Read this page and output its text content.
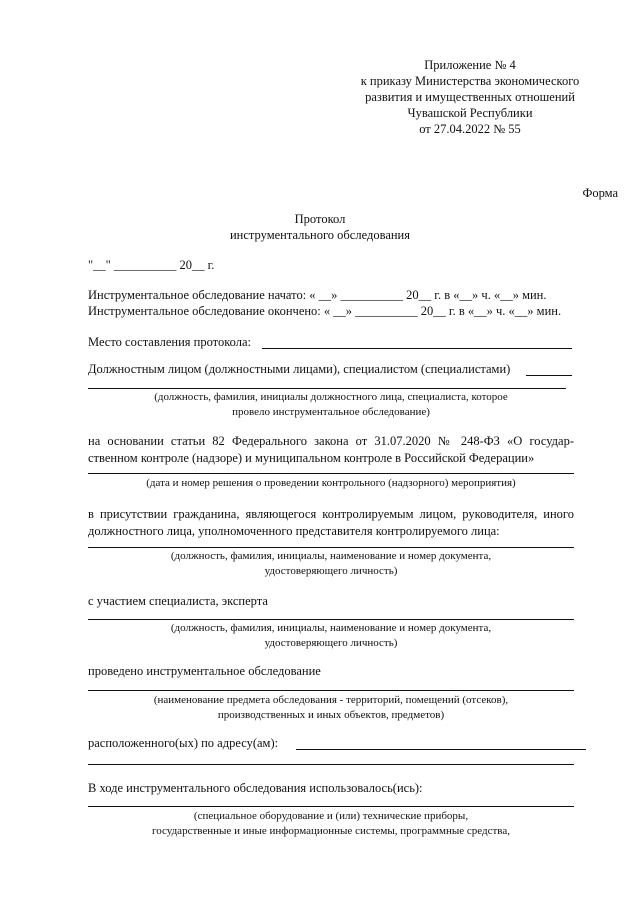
Приложение № 4
к приказу Министерства экономического
развития и имущественных отношений
Чувашской Республики
от 27.04.2022 № 55
Форма
Протокол
инструментального обследования
"__" __________ 20__ г.
Инструментальное обследование начато: « __» __________ 20__ г. в «__» ч. «__» мин.
Инструментальное обследование окончено: « __» __________ 20__ г. в «__» ч. «__» мин.
Место составления протокола:
Должностным лицом (должностными лицами), специалистом (специалистами)
(должность, фамилия, инициалы должностного лица, специалиста, которое
провело инструментальное обследование)
на основании статьи 82 Федерального закона от 31.07.2020 № 248-ФЗ «О государ-ственном контроле (надзоре) и муниципальном контроле в Российской Федерации»
(дата и номер решения о проведении контрольного (надзорного) мероприятия)
в присутствии гражданина, являющегося контролируемым лицом, руководителя, иного должностного лица, уполномоченного представителя контролируемого лица:
(должность, фамилия, инициалы, наименование и номер документа,
удостоверяющего личность)
с участием специалиста, эксперта
(должность, фамилия, инициалы, наименование и номер документа,
удостоверяющего личность)
проведено инструментальное обследование
(наименование предмета обследования - территорий, помещений (отсеков),
производственных и иных объектов, предметов)
расположенного(ых) по адресу(ам):
В ходе инструментального обследования использовалось(ись):
(специальное оборудование и (или) технические приборы,
государственные и иные информационные системы, программные средства,
